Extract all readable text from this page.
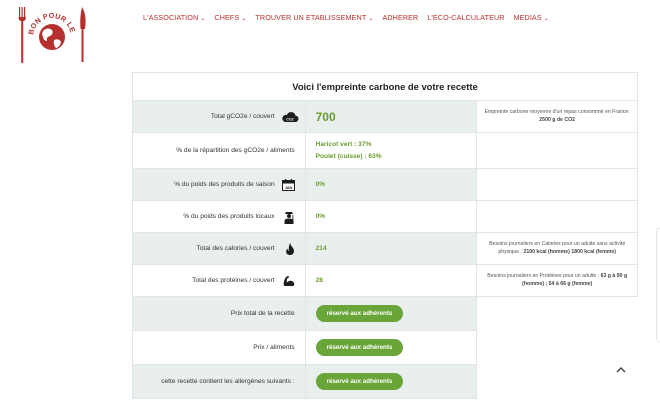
BON POUR LE
L'ASSOCIATION ⌄ CHEFS ⌄ TROUVER UN ETABLISSEMENT ⌄ ADHERER L'ECO-CALCULATEUR MEDIAS ⌄
Voici l'empreinte carbone de votre recette		

Total gCO2e / couvert CO2	700	Empreinte carbone moyenne d'un repas consommé en France: 2500 g de CO2
% de la répartition des gCO2e / aliments	Haricot vert : 37%
Poulet (cuisse) : 63%	

% du poids des produits de saison JAN	0%	

% du poids des produits locaux	0%	

Total des calories / couvert	214	Besoins journaliers en Calories pour un adulte sans activité physique : 2100 kcal (homme) 1800 kcal (femme)

Total des protéines / couvert	28	Besoins journaliers en Protéines pour un adulte : 63 g à 90 g (homme) ; 54 à 66 g (femme)
Prix total de la recette	réservé aux adhérents	
Prix / aliments	réservé aux adhérents	
cette recette contient les allergènes suivants :	réservé aux adhérents	
